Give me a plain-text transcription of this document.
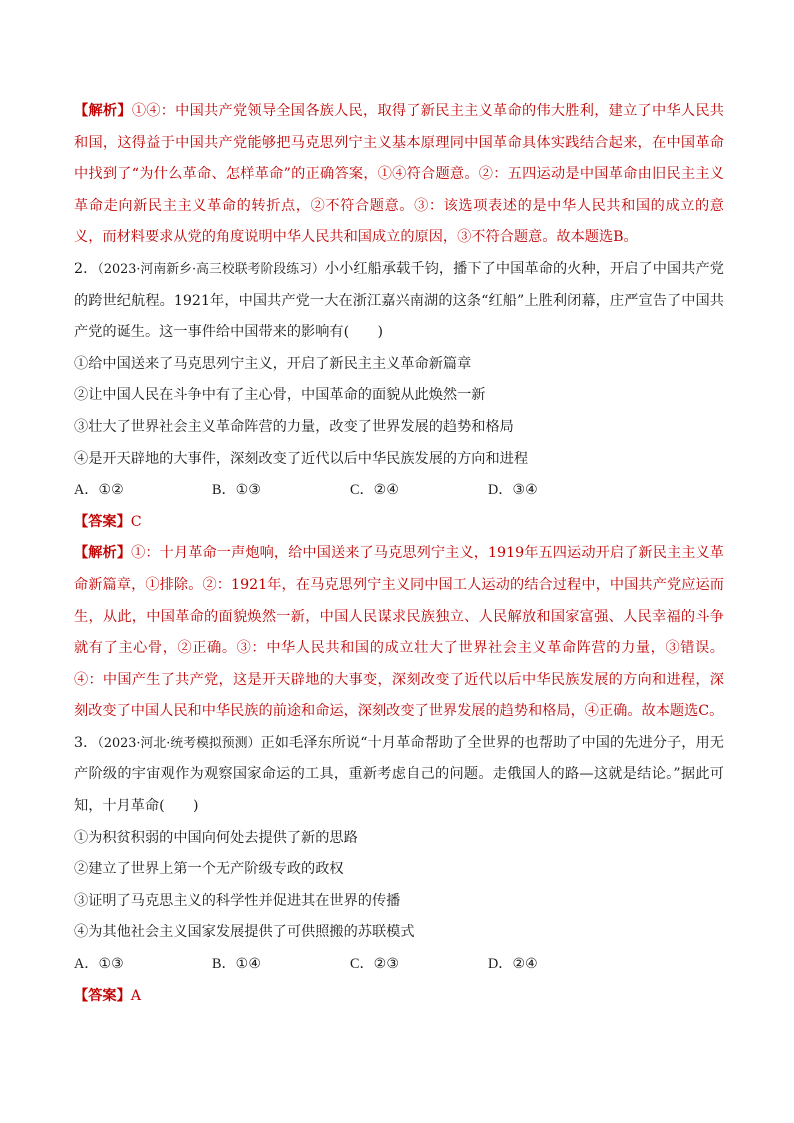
【解析】①④：中国共产党领导全国各族人民，取得了新民主主义革命的伟大胜利，建立了中华人民共和国，这得益于中国共产党能够把马克思列宁主义基本原理同中国革命具体实践结合起来，在中国革命中找到了“为什么革命、怎样革命”的正确答案，①④符合题意。②：五四运动是中国革命由旧民主主义革命走向新民主主义革命的转折点，②不符合题意。③：该选项表述的是中华人民共和国的成立的意义，而材料要求从党的角度说明中华人民共和国成立的原因，③不符合题意。故本题选B。

2．（2023·河南新乡·高三校联考阶段练习）小小红船承载千钧，播下了中国革命的火种，开启了中国共产党的跨世纪航程。1921年，中国共产党一大在浙江嘉兴南湖的这条“红船”上胜利闭幕，庄严宣告了中国共产党的诞生。这一事件给中国带来的影响有(　　)

①给中国送来了马克思列宁主义，开启了新民主主义革命新篇章

②让中国人民在斗争中有了主心骨，中国革命的面貌从此焕然一新

③壮大了世界社会主义革命阵营的力量，改变了世界发展的趋势和格局

④是开天辟地的大事件，深刻改变了近代以后中华民族发展的方向和进程

A．①②	B．①③	C．②④	D．③④

【答案】C

【解析】①：十月革命一声炮响，给中国送来了马克思列宁主义，1919年五四运动开启了新民主主义革命新篇章，①排除。②：1921年，在马克思列宁主义同中国工人运动的结合过程中，中国共产党应运而生，从此，中国革命的面貌焕然一新，中国人民谋求民族独立、人民解放和国家富强、人民幸福的斗争就有了主心骨，②正确。③：中华人民共和国的成立壮大了世界社会主义革命阵营的力量，③错误。④：中国产生了共产党，这是开天辟地的大事变，深刻改变了近代以后中华民族发展的方向和进程，深刻改变了中国人民和中华民族的前途和命运，深刻改变了世界发展的趋势和格局，④正确。故本题选C。

3．（2023·河北·统考模拟预测）正如毛泽东所说“十月革命帮助了全世界的也帮助了中国的先进分子，用无产阶级的宇宙观作为观察国家命运的工具，重新考虑自己的问题。走俄国人的路—这就是结论。”据此可知，十月革命(　　)

①为积贫积弱的中国向何处去提供了新的思路

②建立了世界上第一个无产阶级专政的政权

③证明了马克思主义的科学性并促进其在世界的传播

④为其他社会主义国家发展提供了可供照搬的苏联模式

A．①③	B．①④	C．②③	D．②④

【答案】A
